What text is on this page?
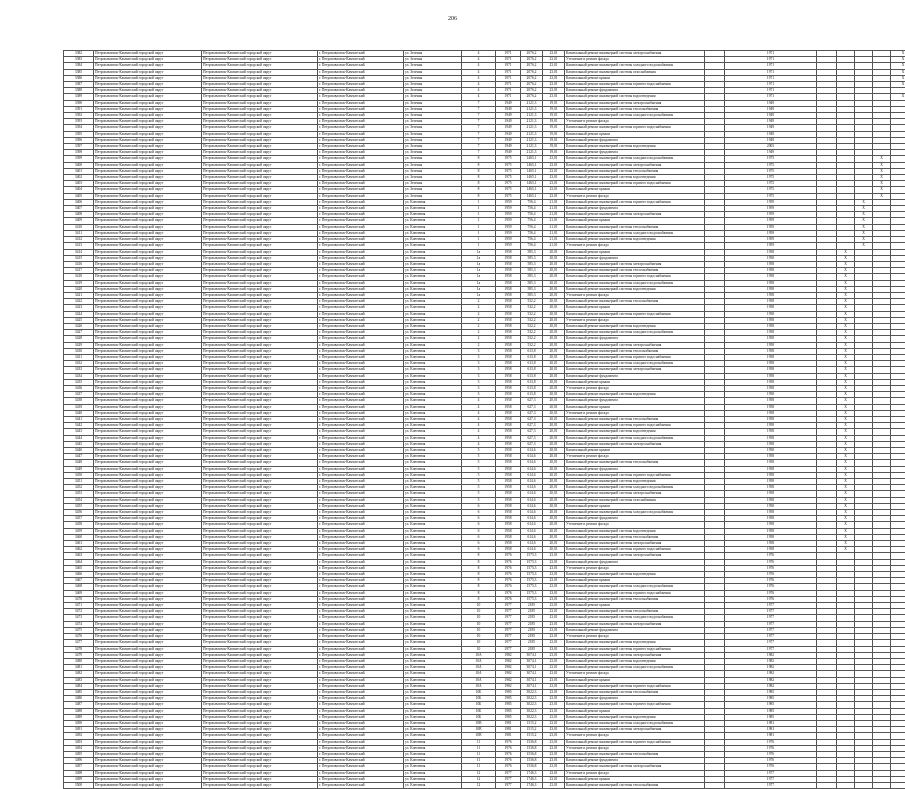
206
3382	Петропавловск-Камчатский городской округ	Петропавловск-Камчатский городской округ	г. Петропавловск-Камчатский	ул. Зеленая	4	1971	2076,2	23,01	Капитальный ремонт инженерной системы электроснабжения		1971					X
3383	Петропавловск-Камчатский городской округ	Петропавловск-Камчатский городской округ	г. Петропавловск-Камчатский	ул. Зеленая	4	1971	2076,2	23,01	Утепление и ремонт фасада		1971					X
3384	Петропавловск-Камчатский городской округ	Петропавловск-Камчатский городской округ	г. Петропавловск-Камчатский	ул. Зеленая	4	1971	2076,2	23,01	Капитальный ремонт инженерной системы холодного водоснабжения		1971					X
3385	Петропавловск-Камчатский городской округ	Петропавловск-Камчатский городской округ	г. Петропавловск-Камчатский	ул. Зеленая	4	1971	2076,2	23,01	Капитальный ремонт инженерной системы газоснабжения		1971					X
3386	Петропавловск-Камчатский городской округ	Петропавловск-Камчатский городской округ	г. Петропавловск-Камчатский	ул. Зеленая	4	1971	2076,2	23,01	Капитальный ремонт крыши		1971					X
3387	Петропавловск-Камчатский городской округ	Петропавловск-Камчатский городской округ	г. Петропавловск-Камчатский	ул. Зеленая	4	1971	2076,2	23,01	Капитальный ремонт инженерной системы горячего водоснабжения		1971					X
3388	Петропавловск-Камчатский городской округ	Петропавловск-Камчатский городской округ	г. Петропавловск-Камчатский	ул. Зеленая	4	1971	2076,2	23,01	Капитальный ремонт фундамента		1971					
3389	Петропавловск-Камчатский городской округ	Петропавловск-Камчатский городской округ	г. Петропавловск-Камчатский	ул. Зеленая	4	1971	2076,2	23,01	Капитальный ремонт инженерной системы водоотведения		1971					X
3390	Петропавловск-Камчатский городской округ	Петропавловск-Камчатский городской округ	г. Петропавловск-Камчатский	ул. Зеленая	7	1949	2121,3	19,01	Капитальный ремонт инженерной системы электроснабжения		1949					
3391	Петропавловск-Камчатский городской округ	Петропавловск-Камчатский городской округ	г. Петропавловск-Камчатский	ул. Зеленая	7	1949	2121,3	19,01	Капитальный ремонт инженерной системы теплоснабжения		1949					
3392	Петропавловск-Камчатский городской округ	Петропавловск-Камчатский городской округ	г. Петропавловск-Камчатский	ул. Зеленая	7	1949	2121,3	19,01	Капитальный ремонт инженерной системы холодного водоснабжения		1949					
3393	Петропавловск-Камчатский городской округ	Петропавловск-Камчатский городской округ	г. Петропавловск-Камчатский	ул. Зеленая	7	1949	2121,3	19,01	Утепление и ремонт фасада		1949					
3394	Петропавловск-Камчатский городской округ	Петропавловск-Камчатский городской округ	г. Петропавловск-Камчатский	ул. Зеленая	7	1949	2121,3	19,01	Капитальный ремонт инженерной системы горячего водоснабжения		1949					
3395	Петропавловск-Камчатский городской округ	Петропавловск-Камчатский городской округ	г. Петропавловск-Камчатский	ул. Зеленая	7	1949	2121,3	19,01	Капитальный ремонт крыши		1949					
3396	Петропавловск-Камчатский городской округ	Петропавловск-Камчатский городской округ	г. Петропавловск-Камчатский	ул. Зеленая	7	1949	2121,3	19,01	Капитальный ремонт фундамента		1949					
3397	Петропавловск-Камчатский городской округ	Петропавловск-Камчатский городской округ	г. Петропавловск-Камчатский	ул. Зеленая	7	1949	2121,3	19,01	Капитальный ремонт инженерной системы водоотведения		2003					
3398	Петропавловск-Камчатский городской округ	Петропавловск-Камчатский городской округ	г. Петропавловск-Камчатский	ул. Зеленая	7	1949	2121,3	19,01	Капитальный ремонт фундамента		1949					
3399	Петропавловск-Камчатский городской округ	Петропавловск-Камчатский городской округ	г. Петропавловск-Камчатский	ул. Зеленая	8	1975	1465,1	23,01	Капитальный ремонт инженерной системы холодного водоснабжения		1975				X	
3400	Петропавловск-Камчатский городской округ	Петропавловск-Камчатский городской округ	г. Петропавловск-Камчатский	ул. Зеленая	8	1975	1465,1	23,01	Капитальный ремонт инженерной системы электроснабжения		1975				X	
3401	Петропавловск-Камчатский городской округ	Петропавловск-Камчатский городской округ	г. Петропавловск-Камчатский	ул. Зеленая	8	1975	1465,1	23,01	Капитальный ремонт инженерной системы теплоснабжения		1975				X	
3402	Петропавловск-Камчатский городской округ	Петропавловск-Камчатский городской округ	г. Петропавловск-Камчатский	ул. Зеленая	8	1975	1465,1	23,01	Капитальный ремонт инженерной системы водоотведения		1975				X	
3403	Петропавловск-Камчатский городской округ	Петропавловск-Камчатский городской округ	г. Петропавловск-Камчатский	ул. Зеленая	8	1975	1465,1	23,01	Капитальный ремонт инженерной системы горячего водоснабжения		1975				X	
3404	Петропавловск-Камчатский городской округ	Петропавловск-Камчатский городской округ	г. Петропавловск-Камчатский	ул. Зеленая	8	1975	1465,1	23,01	Капитальный ремонт крыши		1975				X	
3405	Петропавловск-Камчатский городской округ	Петропавловск-Камчатский городской округ	г. Петропавловск-Камчатский	ул. Зеленая	8	1975	1465,1	23,01	Утепление и ремонт фасада		1975				X	
3406	Петропавловск-Камчатский городской округ	Петропавловск-Камчатский городской округ	г. Петропавловск-Камчатский	ул. Ключевая	1	1959	756,4	21,01	Капитальный ремонт инженерной системы горячего водоснабжения		1959			X		
3407	Петропавловск-Камчатский городской округ	Петропавловск-Камчатский городской округ	г. Петропавловск-Камчатский	ул. Ключевая	1	1959	756,4	21,01	Капитальный ремонт фундамента		1959			X		
3408	Петропавловск-Камчатский городской округ	Петропавловск-Камчатский городской округ	г. Петропавловск-Камчатский	ул. Ключевая	1	1959	756,4	21,01	Капитальный ремонт инженерной системы электроснабжения		1959			X		
3409	Петропавловск-Камчатский городской округ	Петропавловск-Камчатский городской округ	г. Петропавловск-Камчатский	ул. Ключевая	1	1959	756,4	21,01	Капитальный ремонт крыши		1959			X		
3410	Петропавловск-Камчатский городской округ	Петропавловск-Камчатский городской округ	г. Петропавловск-Камчатский	ул. Ключевая	1	1959	756,4	21,01	Капитальный ремонт инженерной системы теплоснабжения		1959			X		
3411	Петропавловск-Камчатский городской округ	Петропавловск-Камчатский городской округ	г. Петропавловск-Камчатский	ул. Ключевая	1	1959	756,4	21,01	Капитальный ремонт инженерной системы холодного водоснабжения		1959			X		
3412	Петропавловск-Камчатский городской округ	Петропавловск-Камчатский городской округ	г. Петропавловск-Камчатский	ул. Ключевая	1	1959	756,4	21,01	Капитальный ремонт инженерной системы водоотведения		1959			X		
3413	Петропавловск-Камчатский городской округ	Петропавловск-Камчатский городской округ	г. Петропавловск-Камчатский	ул. Ключевая	1	1959	756,4	21,01	Утепление и ремонт фасада		1959			X		
3414	Петропавловск-Камчатский городской округ	Петропавловск-Камчатский городской округ	г. Петропавловск-Камчатский	ул. Ключевая	1а	1958	585,3	20,01	Капитальный ремонт крыши		1958		X			
3415	Петропавловск-Камчатский городской округ	Петропавловск-Камчатский городской округ	г. Петропавловск-Камчатский	ул. Ключевая	1а	1958	585,3	20,01	Капитальный ремонт фундамента		1958		X			
3416	Петропавловск-Камчатский городской округ	Петропавловск-Камчатский городской округ	г. Петропавловск-Камчатский	ул. Ключевая	1а	1958	585,3	20,01	Капитальный ремонт инженерной системы электроснабжения		1958		X			
3417	Петропавловск-Камчатский городской округ	Петропавловск-Камчатский городской округ	г. Петропавловск-Камчатский	ул. Ключевая	1а	1958	585,3	20,01	Капитальный ремонт инженерной системы теплоснабжения		1958		X			
3418	Петропавловск-Камчатский городской округ	Петропавловск-Камчатский городской округ	г. Петропавловск-Камчатский	ул. Ключевая	1а	1958	585,3	20,01	Капитальный ремонт инженерной системы горячего водоснабжения		1958		X			
3419	Петропавловск-Камчатский городской округ	Петропавловск-Камчатский городской округ	г. Петропавловск-Камчатский	ул. Ключевая	1а	1958	585,3	20,01	Капитальный ремонт инженерной системы холодного водоснабжения		1958		X			
3420	Петропавловск-Камчатский городской округ	Петропавловск-Камчатский городской округ	г. Петропавловск-Камчатский	ул. Ключевая	1а	1958	585,3	20,01	Капитальный ремонт инженерной системы водоотведения		1958		X			
3421	Петропавловск-Камчатский городской округ	Петропавловск-Камчатский городской округ	г. Петропавловск-Камчатский	ул. Ключевая	1а	1958	585,3	20,01	Утепление и ремонт фасада		1958		X			
3422	Петропавловск-Камчатский городской округ	Петропавловск-Камчатский городской округ	г. Петропавловск-Камчатский	ул. Ключевая	2	1958	532,2	20,01	Капитальный ремонт инженерной системы теплоснабжения		1958		X			
3423	Петропавловск-Камчатский городской округ	Петропавловск-Камчатский городской округ	г. Петропавловск-Камчатский	ул. Ключевая	2	1958	532,2	20,01	Капитальный ремонт крыши		1958		X			
3424	Петропавловск-Камчатский городской округ	Петропавловск-Камчатский городской округ	г. Петропавловск-Камчатский	ул. Ключевая	2	1958	532,2	20,01	Капитальный ремонт инженерной системы горячего водоснабжения		1958		X			
3425	Петропавловск-Камчатский городской округ	Петропавловск-Камчатский городской округ	г. Петропавловск-Камчатский	ул. Ключевая	2	1958	532,2	20,01	Утепление и ремонт фасада		1958		X			
3426	Петропавловск-Камчатский городской округ	Петропавловск-Камчатский городской округ	г. Петропавловск-Камчатский	ул. Ключевая	2	1958	532,2	20,01	Капитальный ремонт инженерной системы водоотведения		1958		X			
3427	Петропавловск-Камчатский городской округ	Петропавловск-Камчатский городской округ	г. Петропавловск-Камчатский	ул. Ключевая	2	1958	532,2	20,01	Капитальный ремонт инженерной системы холодного водоснабжения		1958		X			
3428	Петропавловск-Камчатский городской округ	Петропавловск-Камчатский городской округ	г. Петропавловск-Камчатский	ул. Ключевая	2	1958	532,2	20,01	Капитальный ремонт фундамента		1958		X			
3429	Петропавловск-Камчатский городской округ	Петропавловск-Камчатский городской округ	г. Петропавловск-Камчатский	ул. Ключевая	2	1958	532,2	20,01	Капитальный ремонт инженерной системы электроснабжения		1958		X			
3430	Петропавловск-Камчатский городской округ	Петропавловск-Камчатский городской округ	г. Петропавловск-Камчатский	ул. Ключевая	3	1958	613,8	20,01	Капитальный ремонт инженерной системы теплоснабжения		1958		X			
3431	Петропавловск-Камчатский городской округ	Петропавловск-Камчатский городской округ	г. Петропавловск-Камчатский	ул. Ключевая	3	1958	613,8	20,01	Капитальный ремонт инженерной системы горячего водоснабжения		1958		X			
3432	Петропавловск-Камчатский городской округ	Петропавловск-Камчатский городской округ	г. Петропавловск-Камчатский	ул. Ключевая	3	1958	613,8	20,01	Капитальный ремонт инженерной системы холодного водоснабжения		1958		X			
3433	Петропавловск-Камчатский городской округ	Петропавловск-Камчатский городской округ	г. Петропавловск-Камчатский	ул. Ключевая	3	1958	613,8	20,01	Капитальный ремонт инженерной системы электроснабжения		1958		X			
3434	Петропавловск-Камчатский городской округ	Петропавловск-Камчатский городской округ	г. Петропавловск-Камчатский	ул. Ключевая	3	1958	613,8	20,01	Капитальный ремонт фундамента		1958		X			
3435	Петропавловск-Камчатский городской округ	Петропавловск-Камчатский городской округ	г. Петропавловск-Камчатский	ул. Ключевая	3	1958	613,8	20,01	Капитальный ремонт крыши		1958		X			
3436	Петропавловск-Камчатский городской округ	Петропавловск-Камчатский городской округ	г. Петропавловск-Камчатский	ул. Ключевая	3	1958	613,8	20,01	Утепление и ремонт фасада		1958		X			
3437	Петропавловск-Камчатский городской округ	Петропавловск-Камчатский городской округ	г. Петропавловск-Камчатский	ул. Ключевая	3	1958	613,8	20,01	Капитальный ремонт инженерной системы водоотведения		1958		X			
3438	Петропавловск-Камчатский городской округ	Петропавловск-Камчатский городской округ	г. Петропавловск-Камчатский	ул. Ключевая	4	1958	627,3	20,01	Капитальный ремонт фундамента		1958		X			
3439	Петропавловск-Камчатский городской округ	Петропавловск-Камчатский городской округ	г. Петропавловск-Камчатский	ул. Ключевая	4	1958	627,3	20,01	Капитальный ремонт крыши		1958		X			
3440	Петропавловск-Камчатский городской округ	Петропавловск-Камчатский городской округ	г. Петропавловск-Камчатский	ул. Ключевая	4	1958	627,3	20,01	Утепление и ремонт фасада		1958		X			
3441	Петропавловск-Камчатский городской округ	Петропавловск-Камчатский городской округ	г. Петропавловск-Камчатский	ул. Ключевая	4	1958	627,3	20,01	Капитальный ремонт инженерной системы теплоснабжения		1958		X			
3442	Петропавловск-Камчатский городской округ	Петропавловск-Камчатский городской округ	г. Петропавловск-Камчатский	ул. Ключевая	4	1958	627,3	20,01	Капитальный ремонт инженерной системы горячего водоснабжения		1958		X			
3443	Петропавловск-Камчатский городской округ	Петропавловск-Камчатский городской округ	г. Петропавловск-Камчатский	ул. Ключевая	4	1958	627,3	20,01	Капитальный ремонт инженерной системы водоотведения		1958		X			
3444	Петропавловск-Камчатский городской округ	Петропавловск-Камчатский городской округ	г. Петропавловск-Камчатский	ул. Ключевая	4	1958	627,3	20,01	Капитальный ремонт инженерной системы холодного водоснабжения		1958		X			
3445	Петропавловск-Камчатский городской округ	Петропавловск-Камчатский городской округ	г. Петропавловск-Камчатский	ул. Ключевая	4	1958	627,3	20,01	Капитальный ремонт инженерной системы электроснабжения		1958		X			
3446	Петропавловск-Камчатский городской округ	Петропавловск-Камчатский городской округ	г. Петропавловск-Камчатский	ул. Ключевая	5	1958	614,6	20,01	Капитальный ремонт крыши		1958		X			
3447	Петропавловск-Камчатский городской округ	Петропавловск-Камчатский городской округ	г. Петропавловск-Камчатский	ул. Ключевая	5	1958	614,6	20,01	Утепление и ремонт фасада		1958		X			
3448	Петропавловск-Камчатский городской округ	Петропавловск-Камчатский городской округ	г. Петропавловск-Камчатский	ул. Ключевая	5	1958	614,6	20,01	Капитальный ремонт инженерной системы теплоснабжения		1958		X			
3449	Петропавловск-Камчатский городской округ	Петропавловск-Камчатский городской округ	г. Петропавловск-Камчатский	ул. Ключевая	5	1958	614,6	20,01	Капитальный ремонт фундамента		1958		X			
3450	Петропавловск-Камчатский городской округ	Петропавловск-Камчатский городской округ	г. Петропавловск-Камчатский	ул. Ключевая	5	1958	614,6	20,01	Капитальный ремонт инженерной системы горячего водоснабжения		1958		X			
3451	Петропавловск-Камчатский городской округ	Петропавловск-Камчатский городской округ	г. Петропавловск-Камчатский	ул. Ключевая	5	1958	614,6	20,01	Капитальный ремонт инженерной системы водоотведения		1958		X			
3452	Петропавловск-Камчатский городской округ	Петропавловск-Камчатский городской округ	г. Петропавловск-Камчатский	ул. Ключевая	5	1958	614,6	20,01	Капитальный ремонт инженерной системы холодного водоснабжения		1958		X			
3453	Петропавловск-Камчатский городской округ	Петропавловск-Камчатский городской округ	г. Петропавловск-Камчатский	ул. Ключевая	5	1958	614,6	20,01	Капитальный ремонт инженерной системы электроснабжения		1958		X			
3454	Петропавловск-Камчатский городской округ	Петропавловск-Камчатский городской округ	г. Петропавловск-Камчатский	ул. Ключевая	5	1958	614,6	20,01	Капитальный ремонт инженерной системы газоснабжения		1958		X			
3455	Петропавловск-Камчатский городской округ	Петропавловск-Камчатский городской округ	г. Петропавловск-Камчатский	ул. Ключевая	6	1958	614,6	20,01	Капитальный ремонт крыши		1958		X			
3456	Петропавловск-Камчатский городской округ	Петропавловск-Камчатский городской округ	г. Петропавловск-Камчатский	ул. Ключевая	6	1958	614,6	20,01	Капитальный ремонт инженерной системы холодного водоснабжения		1958		X			
3457	Петропавловск-Камчатский городской округ	Петропавловск-Камчатский городской округ	г. Петропавловск-Камчатский	ул. Ключевая	6	1958	614,6	20,01	Капитальный ремонт фундамента		1958		X			
3458	Петропавловск-Камчатский городской округ	Петропавловск-Камчатский городской округ	г. Петропавловск-Камчатский	ул. Ключевая	6	1958	614,6	20,01	Утепление и ремонт фасада		1958		X			
3459	Петропавловск-Камчатский городской округ	Петропавловск-Камчатский городской округ	г. Петропавловск-Камчатский	ул. Ключевая	6	1958	614,6	20,01	Капитальный ремонт инженерной системы водоотведения		1958		X			
3460	Петропавловск-Камчатский городской округ	Петропавловск-Камчатский городской округ	г. Петропавловск-Камчатский	ул. Ключевая	6	1958	614,6	20,01	Капитальный ремонт инженерной системы теплоснабжения		1958		X			
3461	Петропавловск-Камчатский городской округ	Петропавловск-Камчатский городской округ	г. Петропавловск-Камчатский	ул. Ключевая	6	1958	614,6	20,01	Капитальный ремонт инженерной системы электроснабжения		1958		X			
3462	Петропавловск-Камчатский городской округ	Петропавловск-Камчатский городской округ	г. Петропавловск-Камчатский	ул. Ключевая	6	1958	614,6	20,01	Капитальный ремонт инженерной системы горячего водоснабжения		1958		X			
3463	Петропавловск-Камчатский городской округ	Петропавловск-Камчатский городской округ	г. Петропавловск-Камчатский	ул. Ключевая	8	1976	1575,3	23,01	Капитальный ремонт инженерной системы электроснабжения		1976					
3464	Петропавловск-Камчатский городской округ	Петропавловск-Камчатский городской округ	г. Петропавловск-Камчатский	ул. Ключевая	8	1976	1575,3	23,01	Капитальный ремонт фундамента		1976					
3465	Петропавловск-Камчатский городской округ	Петропавловск-Камчатский городской округ	г. Петропавловск-Камчатский	ул. Ключевая	8	1976	1575,3	23,01	Утепление и ремонт фасада		1976					
3466	Петропавловск-Камчатский городской округ	Петропавловск-Камчатский городской округ	г. Петропавловск-Камчатский	ул. Ключевая	8	1976	1575,3	23,01	Капитальный ремонт инженерной системы водоотведения		1976					
3467	Петропавловск-Камчатский городской округ	Петропавловск-Камчатский городской округ	г. Петропавловск-Камчатский	ул. Ключевая	8	1976	1575,3	23,01	Капитальный ремонт крыши		1976					
3468	Петропавловск-Камчатский городской округ	Петропавловск-Камчатский городской округ	г. Петропавловск-Камчатский	ул. Ключевая	8	1976	1575,3	23,01	Капитальный ремонт инженерной системы холодного водоснабжения		1976					
3469	Петропавловск-Камчатский городской округ	Петропавловск-Камчатский городской округ	г. Петропавловск-Камчатский	ул. Ключевая	8	1976	1575,3	23,01	Капитальный ремонт инженерной системы горячего водоснабжения		1976					
3470	Петропавловск-Камчатский городской округ	Петропавловск-Камчатский городской округ	г. Петропавловск-Камчатский	ул. Ключевая	8	1976	1575,3	23,01	Капитальный ремонт инженерной системы теплоснабжения		1976					
3471	Петропавловск-Камчатский городской округ	Петропавловск-Камчатский городской округ	г. Петропавловск-Камчатский	ул. Ключевая	10	1977	2185	23,01	Капитальный ремонт крыши		1977					
3472	Петропавловск-Камчатский городской округ	Петропавловск-Камчатский городской округ	г. Петропавловск-Камчатский	ул. Ключевая	10	1977	2185	23,01	Капитальный ремонт инженерной системы теплоснабжения		1977					
3473	Петропавловск-Камчатский городской округ	Петропавловск-Камчатский городской округ	г. Петропавловск-Камчатский	ул. Ключевая	10	1977	2185	23,01	Капитальный ремонт инженерной системы холодного водоснабжения		1977					
3474	Петропавловск-Камчатский городской округ	Петропавловск-Камчатский городской округ	г. Петропавловск-Камчатский	ул. Ключевая	10	1977	2185	23,01	Капитальный ремонт инженерной системы электроснабжения		1977					
3475	Петропавловск-Камчатский городской округ	Петропавловск-Камчатский городской округ	г. Петропавловск-Камчатский	ул. Ключевая	10	1977	2185	23,01	Капитальный ремонт фундамента		1977					
3476	Петропавловск-Камчатский городской округ	Петропавловск-Камчатский городской округ	г. Петропавловск-Камчатский	ул. Ключевая	10	1977	2185	23,01	Утепление и ремонт фасада		1977					
3477	Петропавловск-Камчатский городской округ	Петропавловск-Камчатский городской округ	г. Петропавловск-Камчатский	ул. Ключевая	10	1977	2185	23,01	Капитальный ремонт инженерной системы водоотведения		1977					
3478	Петропавловск-Камчатский городской округ	Петропавловск-Камчатский городской округ	г. Петропавловск-Камчатский	ул. Ключевая	10	1977	2185	23,01	Капитальный ремонт инженерной системы горячего водоснабжения		1977					
3479	Петропавловск-Камчатский городской округ	Петропавловск-Камчатский городской округ	г. Петропавловск-Камчатский	ул. Ключевая	10А	1982	3074,1	23,01	Капитальный ремонт инженерной системы электроснабжения		1982					
3480	Петропавловск-Камчатский городской округ	Петропавловск-Камчатский городской округ	г. Петропавловск-Камчатский	ул. Ключевая	10А	1982	3074,1	23,01	Капитальный ремонт инженерной системы водоотведения		1982					
3481	Петропавловск-Камчатский городской округ	Петропавловск-Камчатский городской округ	г. Петропавловск-Камчатский	ул. Ключевая	10А	1982	3074,1	23,01	Капитальный ремонт инженерной системы холодного водоснабжения		1982					
3482	Петропавловск-Камчатский городской округ	Петропавловск-Камчатский городской округ	г. Петропавловск-Камчатский	ул. Ключевая	10А	1982	3074,1	23,01	Утепление и ремонт фасада		1982					
3483	Петропавловск-Камчатский городской округ	Петропавловск-Камчатский городской округ	г. Петропавловск-Камчатский	ул. Ключевая	10А	1982	3074,1	23,01	Капитальный ремонт крыши		1982					
3484	Петропавловск-Камчатский городской округ	Петропавловск-Камчатский городской округ	г. Петропавловск-Камчатский	ул. Ключевая	10А	1982	3074,1	23,01	Капитальный ремонт инженерной системы горячего водоснабжения		1982					
3485	Петропавловск-Камчатский городской округ	Петропавловск-Камчатский городской округ	г. Петропавловск-Камчатский	ул. Ключевая	10Б	1985	3022,3	23,01	Капитальный ремонт инженерной системы теплоснабжения		1985					
3486	Петропавловск-Камчатский городской округ	Петропавловск-Камчатский городской округ	г. Петропавловск-Камчатский	ул. Ключевая	10Б	1985	3022,3	23,01	Капитальный ремонт фундамента		1985					
3487	Петропавловск-Камчатский городской округ	Петропавловск-Камчатский городской округ	г. Петропавловск-Камчатский	ул. Ключевая	10Б	1985	3022,3	23,01	Капитальный ремонт инженерной системы горячего водоснабжения		1985					
3488	Петропавловск-Камчатский городской округ	Петропавловск-Камчатский городской округ	г. Петропавловск-Камчатский	ул. Ключевая	10Б	1985	3022,3	23,01	Капитальный ремонт крыши		1985					
3489	Петропавловск-Камчатский городской округ	Петропавловск-Камчатский городской округ	г. Петропавловск-Камчатский	ул. Ключевая	10Б	1985	3022,3	23,01	Капитальный ремонт инженерной системы водоотведения		1985					
3490	Петропавловск-Камчатский городской округ	Петропавловск-Камчатский городской округ	г. Петропавловск-Камчатский	ул. Ключевая	10В	1981	1515,2	23,01	Капитальный ремонт инженерной системы холодного водоснабжения		1981					
3491	Петропавловск-Камчатский городской округ	Петропавловск-Камчатский городской округ	г. Петропавловск-Камчатский	ул. Ключевая	10В	1981	1515,2	23,01	Капитальный ремонт инженерной системы электроснабжения		1981					
3492	Петропавловск-Камчатский городской округ	Петропавловск-Камчатский городской округ	г. Петропавловск-Камчатский	ул. Ключевая	10В	1981	1515,2	23,01	Утепление и ремонт фасада		1981					
3493	Петропавловск-Камчатский городской округ	Петропавловск-Камчатский городской округ	г. Петропавловск-Камчатский	ул. Ключевая	11	1976	1536,8	23,01	Капитальный ремонт инженерной системы горячего водоснабжения		1976					
3494	Петропавловск-Камчатский городской округ	Петропавловск-Камчатский городской округ	г. Петропавловск-Камчатский	ул. Ключевая	11	1976	1536,8	23,01	Утепление и ремонт фасада		1976					
3495	Петропавловск-Камчатский городской округ	Петропавловск-Камчатский городской округ	г. Петропавловск-Камчатский	ул. Ключевая	11	1976	1536,8	23,01	Капитальный ремонт инженерной системы теплоснабжения		1976					
3496	Петропавловск-Камчатский городской округ	Петропавловск-Камчатский городской округ	г. Петропавловск-Камчатский	ул. Ключевая	11	1976	1536,8	23,01	Капитальный ремонт фундамента		1976					
3497	Петропавловск-Камчатский городской округ	Петропавловск-Камчатский городской округ	г. Петропавловск-Камчатский	ул. Ключевая	11	1976	1536,8	23,01	Капитальный ремонт инженерной системы электроснабжения		1976					
3498	Петропавловск-Камчатский городской округ	Петропавловск-Камчатский городской округ	г. Петропавловск-Камчатский	ул. Ключевая	12	1977	1746,3	23,01	Утепление и ремонт фасада		1977					
3499	Петропавловск-Камчатский городской округ	Петропавловск-Камчатский городской округ	г. Петропавловск-Камчатский	ул. Ключевая	12	1977	1746,3	23,01	Капитальный ремонт крыши		1977					
3500	Петропавловск-Камчатский городской округ	Петропавловск-Камчатский городской округ	г. Петропавловск-Камчатский	ул. Ключевая	12	1977	1746,3	23,01	Капитальный ремонт инженерной системы теплоснабжения		1977					
